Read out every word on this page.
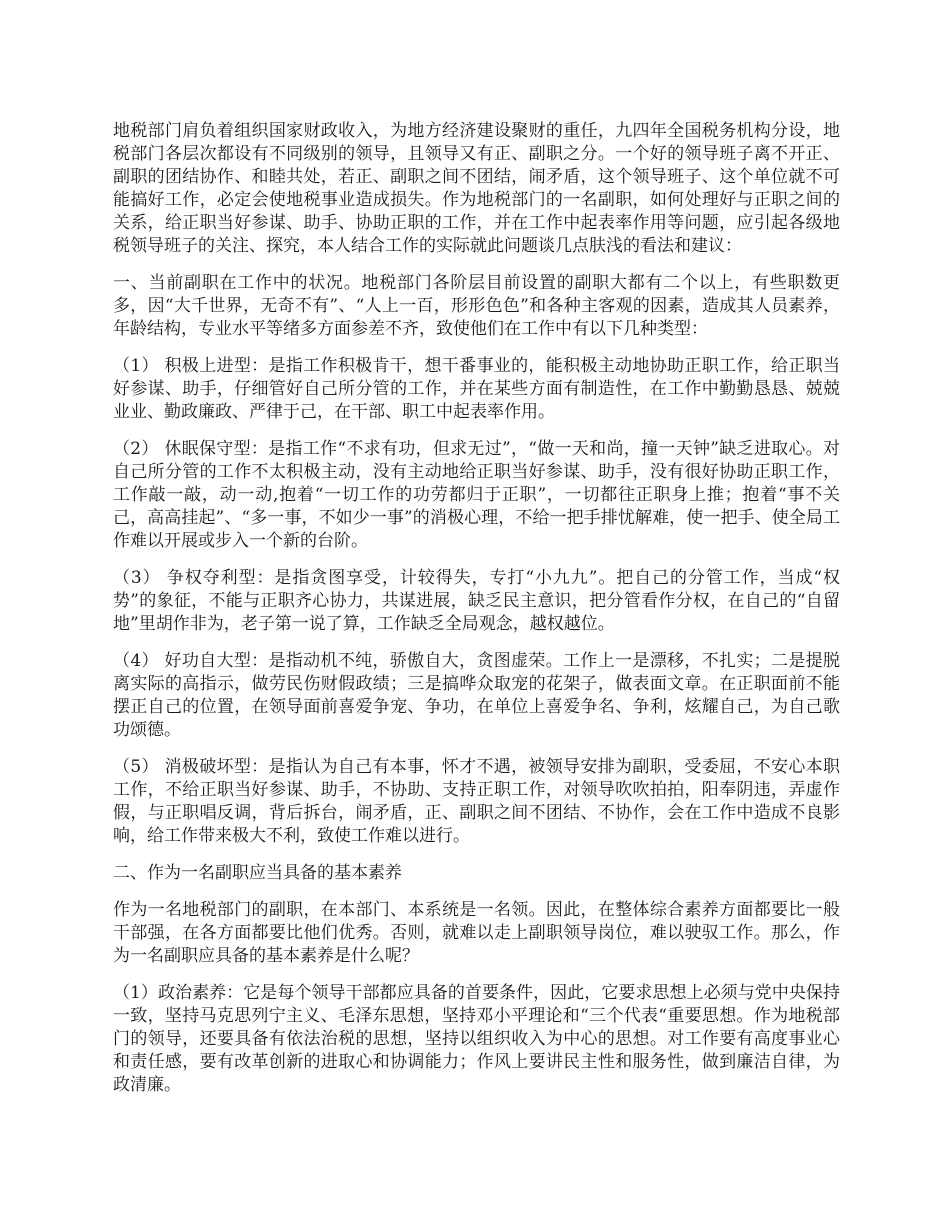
地税部门肩负着组织国家财政收入，为地方经济建设聚财的重任，九四年全国税务机构分设，地税部门各层次都设有不同级别的领导，且领导又有正、副职之分。一个好的领导班子离不开正、副职的团结协作、和睦共处，若正、副职之间不团结，闹矛盾，这个领导班子、这个单位就不可能搞好工作，必定会使地税事业造成损失。作为地税部门的一名副职，如何处理好与正职之间的关系，给正职当好参谋、助手、协助正职的工作，并在工作中起表率作用等问题，应引起各级地税领导班子的关注、探究，本人结合工作的实际就此问题谈几点肤浅的看法和建议：

一、当前副职在工作中的状况。地税部门各阶层目前设置的副职大都有二个以上，有些职数更多，因“大千世界，无奇不有”、“人上一百，形形色色”和各种主客观的因素，造成其人员素养，年龄结构，专业水平等绪多方面参差不齐，致使他们在工作中有以下几种类型：

（1） 积极上进型：是指工作积极肯干，想干番事业的，能积极主动地协助正职工作，给正职当好参谋、助手，仔细管好自己所分管的工作，并在某些方面有制造性，在工作中勤勤恳恳、兢兢业业、勤政廉政、严律于己，在干部、职工中起表率作用。

（2） 休眠保守型：是指工作“不求有功，但求无过”，“做一天和尚，撞一天钟”缺乏进取心。对自己所分管的工作不太积极主动，没有主动地给正职当好参谋、助手，没有很好协助正职工作，工作敲一敲，动一动,抱着“一切工作的功劳都归于正职”，一切都往正职身上推；抱着“事不关己，高高挂起”、“多一事，不如少一事”的消极心理，不给一把手排忧解难，使一把手、使全局工作难以开展或步入一个新的台阶。

（3） 争权夺利型：是指贪图享受，计较得失，专打“小九九”。把自己的分管工作，当成“权势”的象征，不能与正职齐心协力，共谋进展，缺乏民主意识，把分管看作分权，在自己的“自留地”里胡作非为，老子第一说了算，工作缺乏全局观念，越权越位。

（4） 好功自大型：是指动机不纯，骄傲自大，贪图虚荣。工作上一是漂移，不扎实；二是提脱离实际的高指示，做劳民伤财假政绩；三是搞哗众取宠的花架子，做表面文章。在正职面前不能摆正自己的位置，在领导面前喜爱争宠、争功，在单位上喜爱争名、争利，炫耀自己，为自己歌功颂德。

（5） 消极破坏型：是指认为自己有本事，怀才不遇，被领导安排为副职，受委屈，不安心本职工作，不给正职当好参谋、助手，不协助、支持正职工作，对领导吹吹拍拍，阳奉阴违，弄虚作假，与正职唱反调，背后拆台，闹矛盾，正、副职之间不团结、不协作，会在工作中造成不良影响，给工作带来极大不利，致使工作难以进行。

二、作为一名副职应当具备的基本素养

作为一名地税部门的副职，在本部门、本系统是一名领。因此，在整体综合素养方面都要比一般干部强，在各方面都要比他们优秀。否则，就难以走上副职领导岗位，难以驶驭工作。那么，作为一名副职应具备的基本素养是什么呢？

（1）政治素养：它是每个领导干部都应具备的首要条件，因此，它要求思想上必须与党中央保持一致，坚持马克思列宁主义、毛泽东思想，坚持邓小平理论和“三个代表“重要思想。作为地税部门的领导，还要具备有依法治税的思想，坚持以组织收入为中心的思想。对工作要有高度事业心和责任感，要有改革创新的进取心和协调能力；作风上要讲民主性和服务性，做到廉洁自律，为政清廉。
